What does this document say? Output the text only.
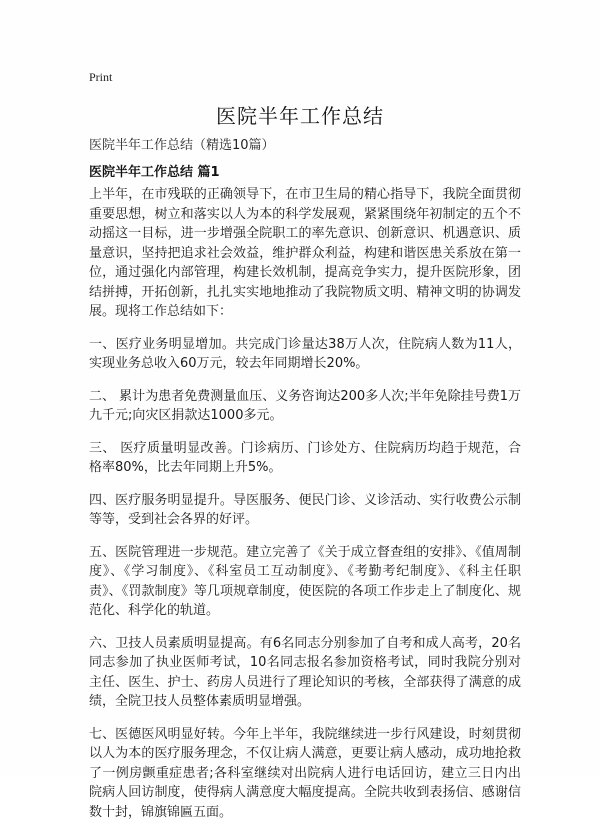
Print
医院半年工作总结
医院半年工作总结（精选10篇）
医院半年工作总结 篇1

上半年，在市残联的正确领导下，在市卫生局的精心指导下，我院全面贯彻重要思想，树立和落实以人为本的科学发展观，紧紧围绕年初制定的五个不动摇这一目标，进一步增强全院职工的率先意识、创新意识、机遇意识、质量意识，坚持把追求社会效益，维护群众利益，构建和谐医患关系放在第一位，通过强化内部管理，构建长效机制，提高竞争实力，提升医院形象，团结拼搏，开拓创新，扎扎实实地地推动了我院物质文明、精神文明的协调发展。现将工作总结如下：

一、医疗业务明显增加。共完成门诊量达38万人次，住院病人数为11人，实现业务总收入60万元，较去年同期增长20%。

二、 累计为患者免费测量血压、义务咨询达200多人次;半年免除挂号费1万九千元;向灾区捐款达1000多元。

三、 医疗质量明显改善。门诊病历、门诊处方、住院病历均趋于规范，合格率80%，比去年同期上升5%。

四、医疗服务明显提升。导医服务、便民门诊、义诊活动、实行收费公示制等等，受到社会各界的好评。

五、医院管理进一步规范。建立完善了《关于成立督查组的安排》、《值周制度》、《学习制度》、《科室员工互动制度》、《考勤考纪制度》、《科主任职责》、《罚款制度》等几项规章制度，使医院的各项工作步走上了制度化、规范化、科学化的轨道。

六、卫技人员素质明显提高。有6名同志分别参加了自考和成人高考，20名同志参加了执业医师考试，10名同志报名参加资格考试，同时我院分别对主任、医生、护士、药房人员进行了理论知识的考核，全部获得了满意的成绩，全院卫技人员整体素质明显增强。

七、医德医风明显好转。今年上半年，我院继续进一步行风建设，时刻贯彻以人为本的医疗服务理念，不仅让病人满意，更要让病人感动，成功地抢救了一例房颤重症患者;各科室继续对出院病人进行电话回访，建立三日内出院病人回访制度，使得病人满意度大幅度提高。全院共收到表扬信、感谢信数十封，锦旗锦匾五面。
